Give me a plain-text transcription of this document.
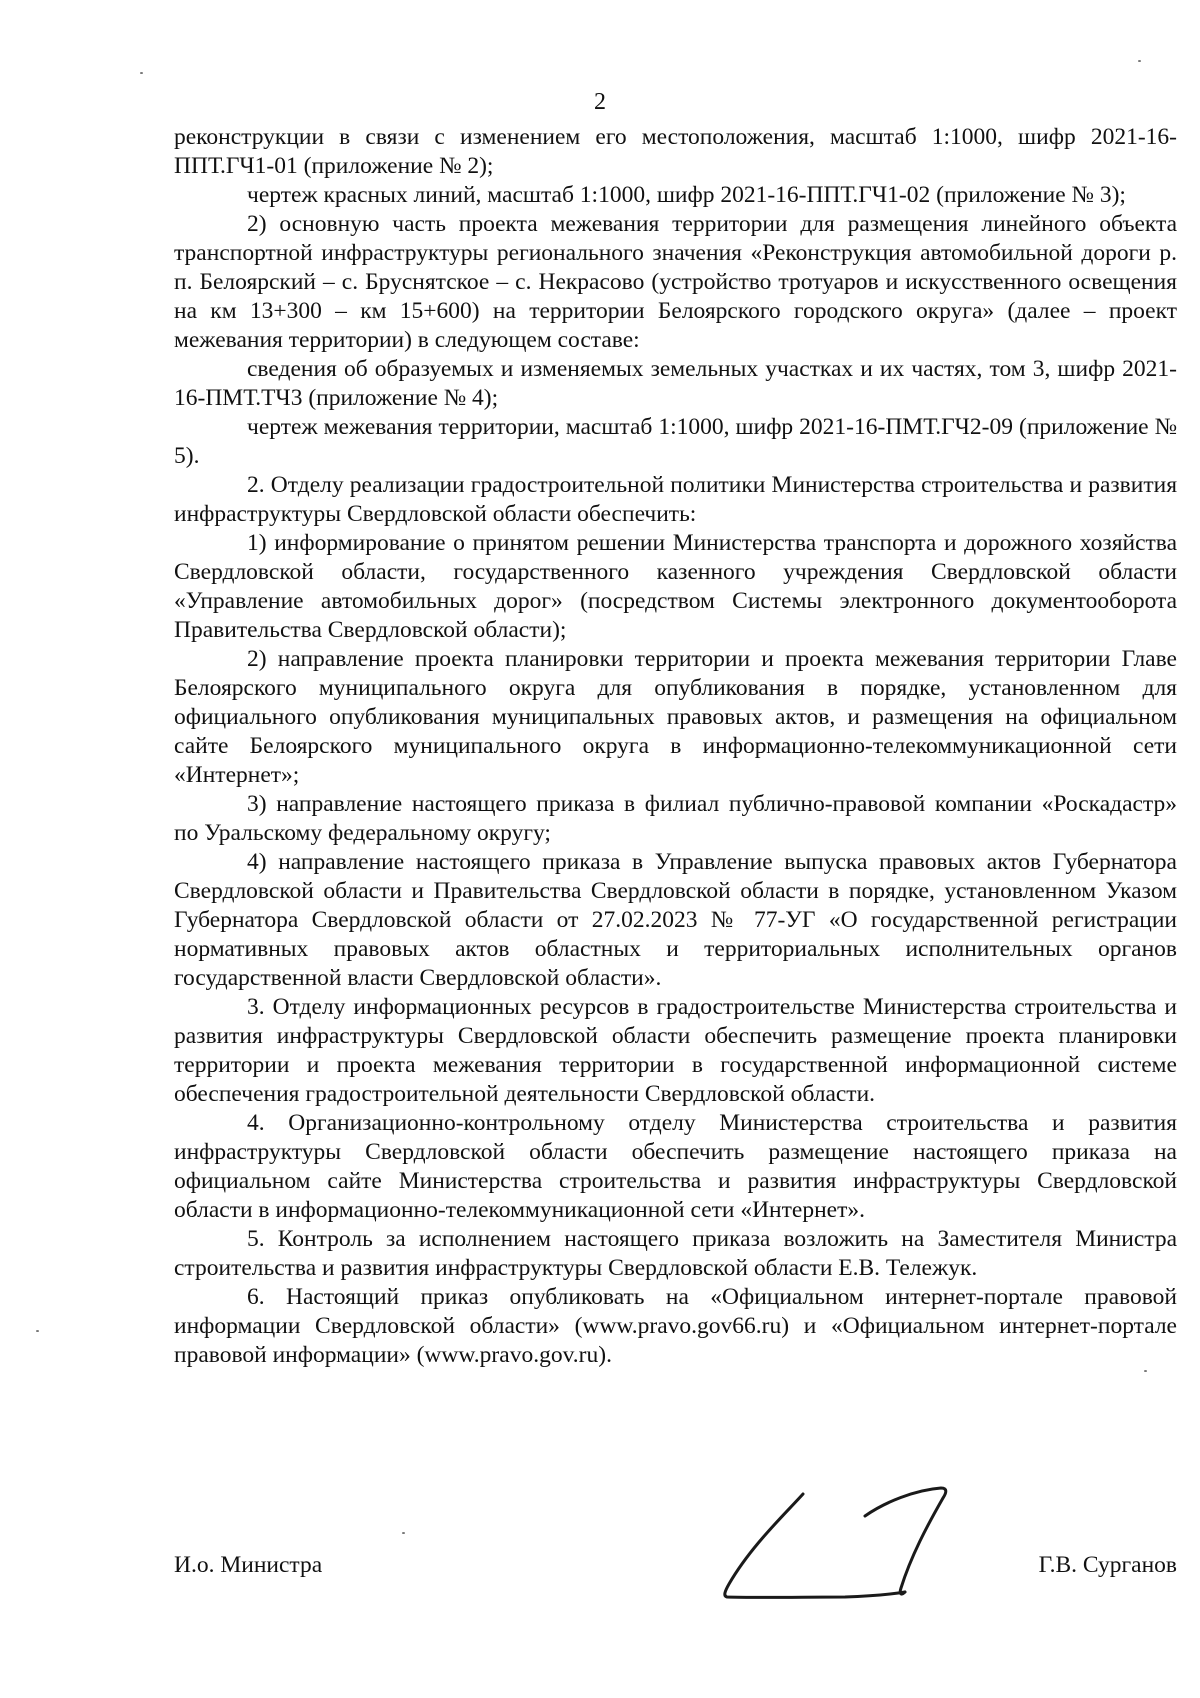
2

реконструкции в связи с изменением его местоположения, масштаб 1:1000, шифр 2021-16-ППТ.ГЧ1-01 (приложение № 2);

чертеж красных линий, масштаб 1:1000, шифр 2021-16-ППТ.ГЧ1-02 (приложение № 3);

2) основную часть проекта межевания территории для размещения линейного объекта транспортной инфраструктуры регионального значения «Реконструкция автомобильной дороги р. п. Белоярский – с. Бруснятское – с. Некрасово (устройство тротуаров и искусственного освещения на км 13+300 – км 15+600) на территории Белоярского городского округа» (далее – проект межевания территории) в следующем составе:

сведения об образуемых и изменяемых земельных участках и их частях, том 3, шифр 2021-16-ПМТ.ТЧ3 (приложение № 4);

чертеж межевания территории, масштаб 1:1000, шифр 2021-16-ПМТ.ГЧ2-09 (приложение № 5).

2. Отделу реализации градостроительной политики Министерства строительства и развития инфраструктуры Свердловской области обеспечить:

1) информирование о принятом решении Министерства транспорта и дорожного хозяйства Свердловской области, государственного казенного учреждения Свердловской области «Управление автомобильных дорог» (посредством Системы электронного документооборота Правительства Свердловской области);

2) направление проекта планировки территории и проекта межевания территории Главе Белоярского муниципального округа для опубликования в порядке, установленном для официального опубликования муниципальных правовых актов, и размещения на официальном сайте Белоярского муниципального округа в информационно-телекоммуникационной сети «Интернет»;

3) направление настоящего приказа в филиал публично-правовой компании «Роскадастр» по Уральскому федеральному округу;

4) направление настоящего приказа в Управление выпуска правовых актов Губернатора Свердловской области и Правительства Свердловской области в порядке, установленном Указом Губернатора Свердловской области от 27.02.2023 № 77-УГ «О государственной регистрации нормативных правовых актов областных и территориальных исполнительных органов государственной власти Свердловской области».

3. Отделу информационных ресурсов в градостроительстве Министерства строительства и развития инфраструктуры Свердловской области обеспечить размещение проекта планировки территории и проекта межевания территории в государственной информационной системе обеспечения градостроительной деятельности Свердловской области.

4. Организационно-контрольному отделу Министерства строительства и развития инфраструктуры Свердловской области обеспечить размещение настоящего приказа на официальном сайте Министерства строительства и развития инфраструктуры Свердловской области в информационно-телекоммуникационной сети «Интернет».

5. Контроль за исполнением настоящего приказа возложить на Заместителя Министра строительства и развития инфраструктуры Свердловской области Е.В. Тележук.

6. Настоящий приказ опубликовать на «Официальном интернет-портале правовой информации Свердловской области» (www.pravo.gov66.ru) и «Официальном интернет-портале правовой информации» (www.pravo.gov.ru).

И.о. Министра	Г.В. Сурганов
